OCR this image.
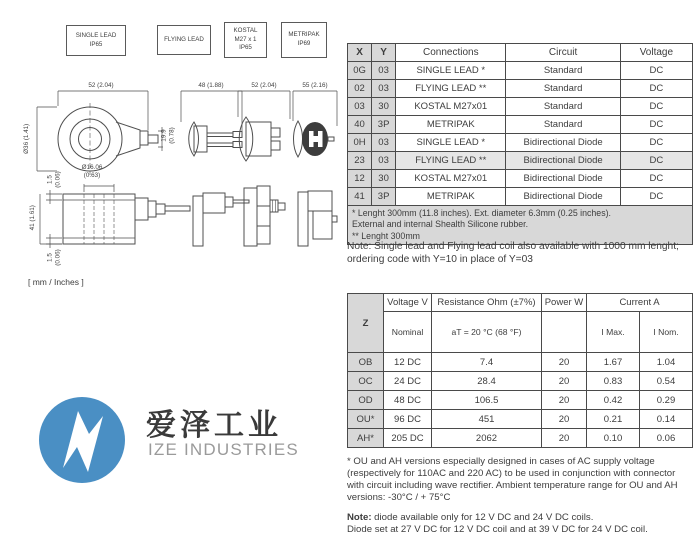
SINGLE LEAD
IP65
FLYING LEAD
KOSTAL
M27 x 1
IP65
METRIPAK
IP69
52 (2.04)	48 (1.88)	52 (2.04)	55 (2.16)
Ø36 (1.41)	19.9 (0.78)
Ø16.06
(0.63)
1.5 (0.06)
41 (1.61)
1.5 (0.06)
[ mm / Inches ]
X	Y	Connections	Circuit	Voltage
0G	03	SINGLE LEAD *	Standard	DC
02	03	FLYING LEAD **	Standard	DC
03	30	KOSTAL M27x01	Standard	DC
40	3P	METRIPAK	Standard	DC
0H	03	SINGLE LEAD *	Bidirectional Diode	DC
23	03	FLYING LEAD **	Bidirectional Diode	DC
12	30	KOSTAL M27x01	Bidirectional Diode	DC
41	3P	METRIPAK	Bidirectional Diode	DC

* Lenght 300mm (11.8 inches). Ext. diameter 6.3mm (0.25 inches).
External and internal Shealth Silicone rubber.
** Lenght 300mm				
Note: Single lead and Flying lead coil also available with 1000 mm lenght; ordering code with Y=10 in place of Y=03
Z	Voltage V	Resistance Ohm (±7%)	Power W	Current A	
	Nominal	aT = 20 °C (68 °F)		I Max.	I Nom.
OB	12 DC	7.4	20	1.67	1.04
OC	24 DC	28.4	20	0.83	0.54
OD	48 DC	106.5	20	0.42	0.29
OU*	96 DC	451	20	0.21	0.14
AH*	205 DC	2062	20	0.10	0.06
* OU and AH versions especially designed in cases of AC supply voltage (respectively for 110AC and 220 AC) to be used in conjunction with connector with circuit including wave rectifier. Ambient temperature range for OU and AH versions: -30°C / + 75°C
Note: diode available only for 12 V DC and 24 V DC coils.
Diode set at 27 V DC for 12 V DC coil and at 39 V DC for 24 V DC coil.
爱泽工业
IZE INDUSTRIES
